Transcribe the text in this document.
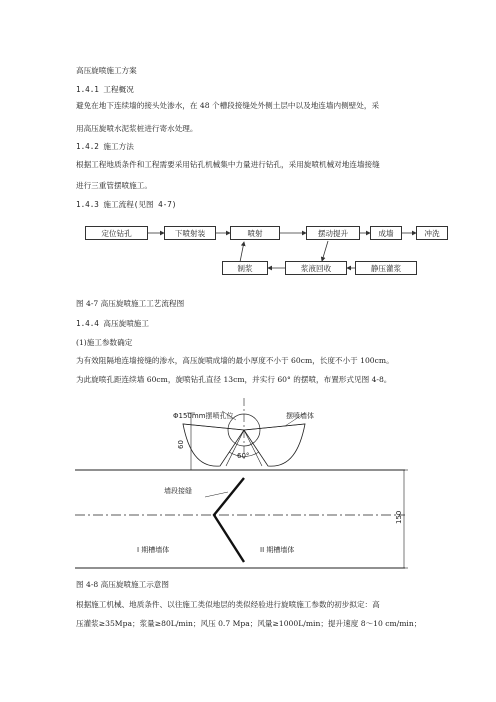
高压旋喷施工方案
1.4.1 工程概况
避免在地下连续墙的接头处渗水，在 48 个槽段接缝处外侧土层中以及地连墙内侧壁处，采
用高压旋喷水泥浆桩进行寄水处理。
1.4.2 施工方法
根据工程地质条件和工程需要采用钻孔机械集中力量进行钻孔，采用旋喷机械对地连墙接缝
进行三重管摆喷施工。
1.4.3 施工流程(见图 4-7)
定位钻孔	下喷射装	喷射	摆动提升	成墙	冲洗
制浆	浆液回收	静压灌浆
图 4-7 高压旋喷施工工艺流程图
1.4.4 高压旋喷施工
(1)施工参数确定
为有效阻隔地连墙接缝的渗水，高压旋喷成墙的最小厚度不小于 60cm，长度不小于 100cm。
为此旋喷孔距连续墙 60cm，旋喷钻孔直径 13cm，并实行 60° 的摆喷，布置形式见图 4-8。
Φ150mm摆喷孔位	摆喷墙体
60
60°
墙段接缝
I 期槽墙体	II 期槽墙体
150
图 4-8 高压旋喷施工示意图
根据施工机械、地质条件、以往施工类似地层的类似经验进行旋喷施工参数的初步拟定：高
压灌浆≥35Mpa；浆量≥80L/min；风压 0.7 Mpa；风量≥1000L/min；提升速度 8～10 cm/min；
